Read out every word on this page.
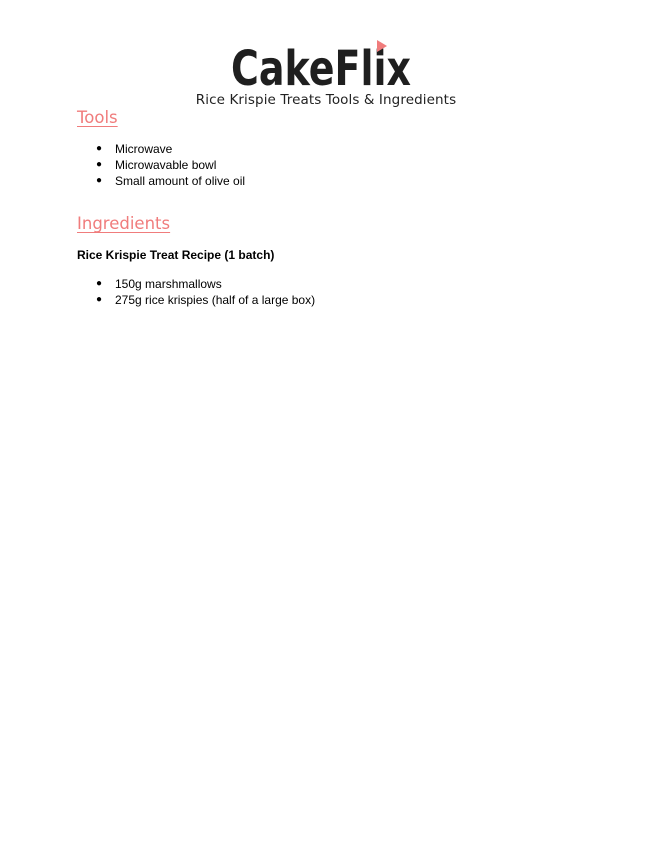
CakeFlix
Rice Krispie Treats Tools & Ingredients
Tools
● Microwave
● Microwavable bowl
● Small amount of olive oil
Ingredients

Rice Krispie Treat Recipe (1 batch)

● 150g marshmallows
● 275g rice krispies (half of a large box)
